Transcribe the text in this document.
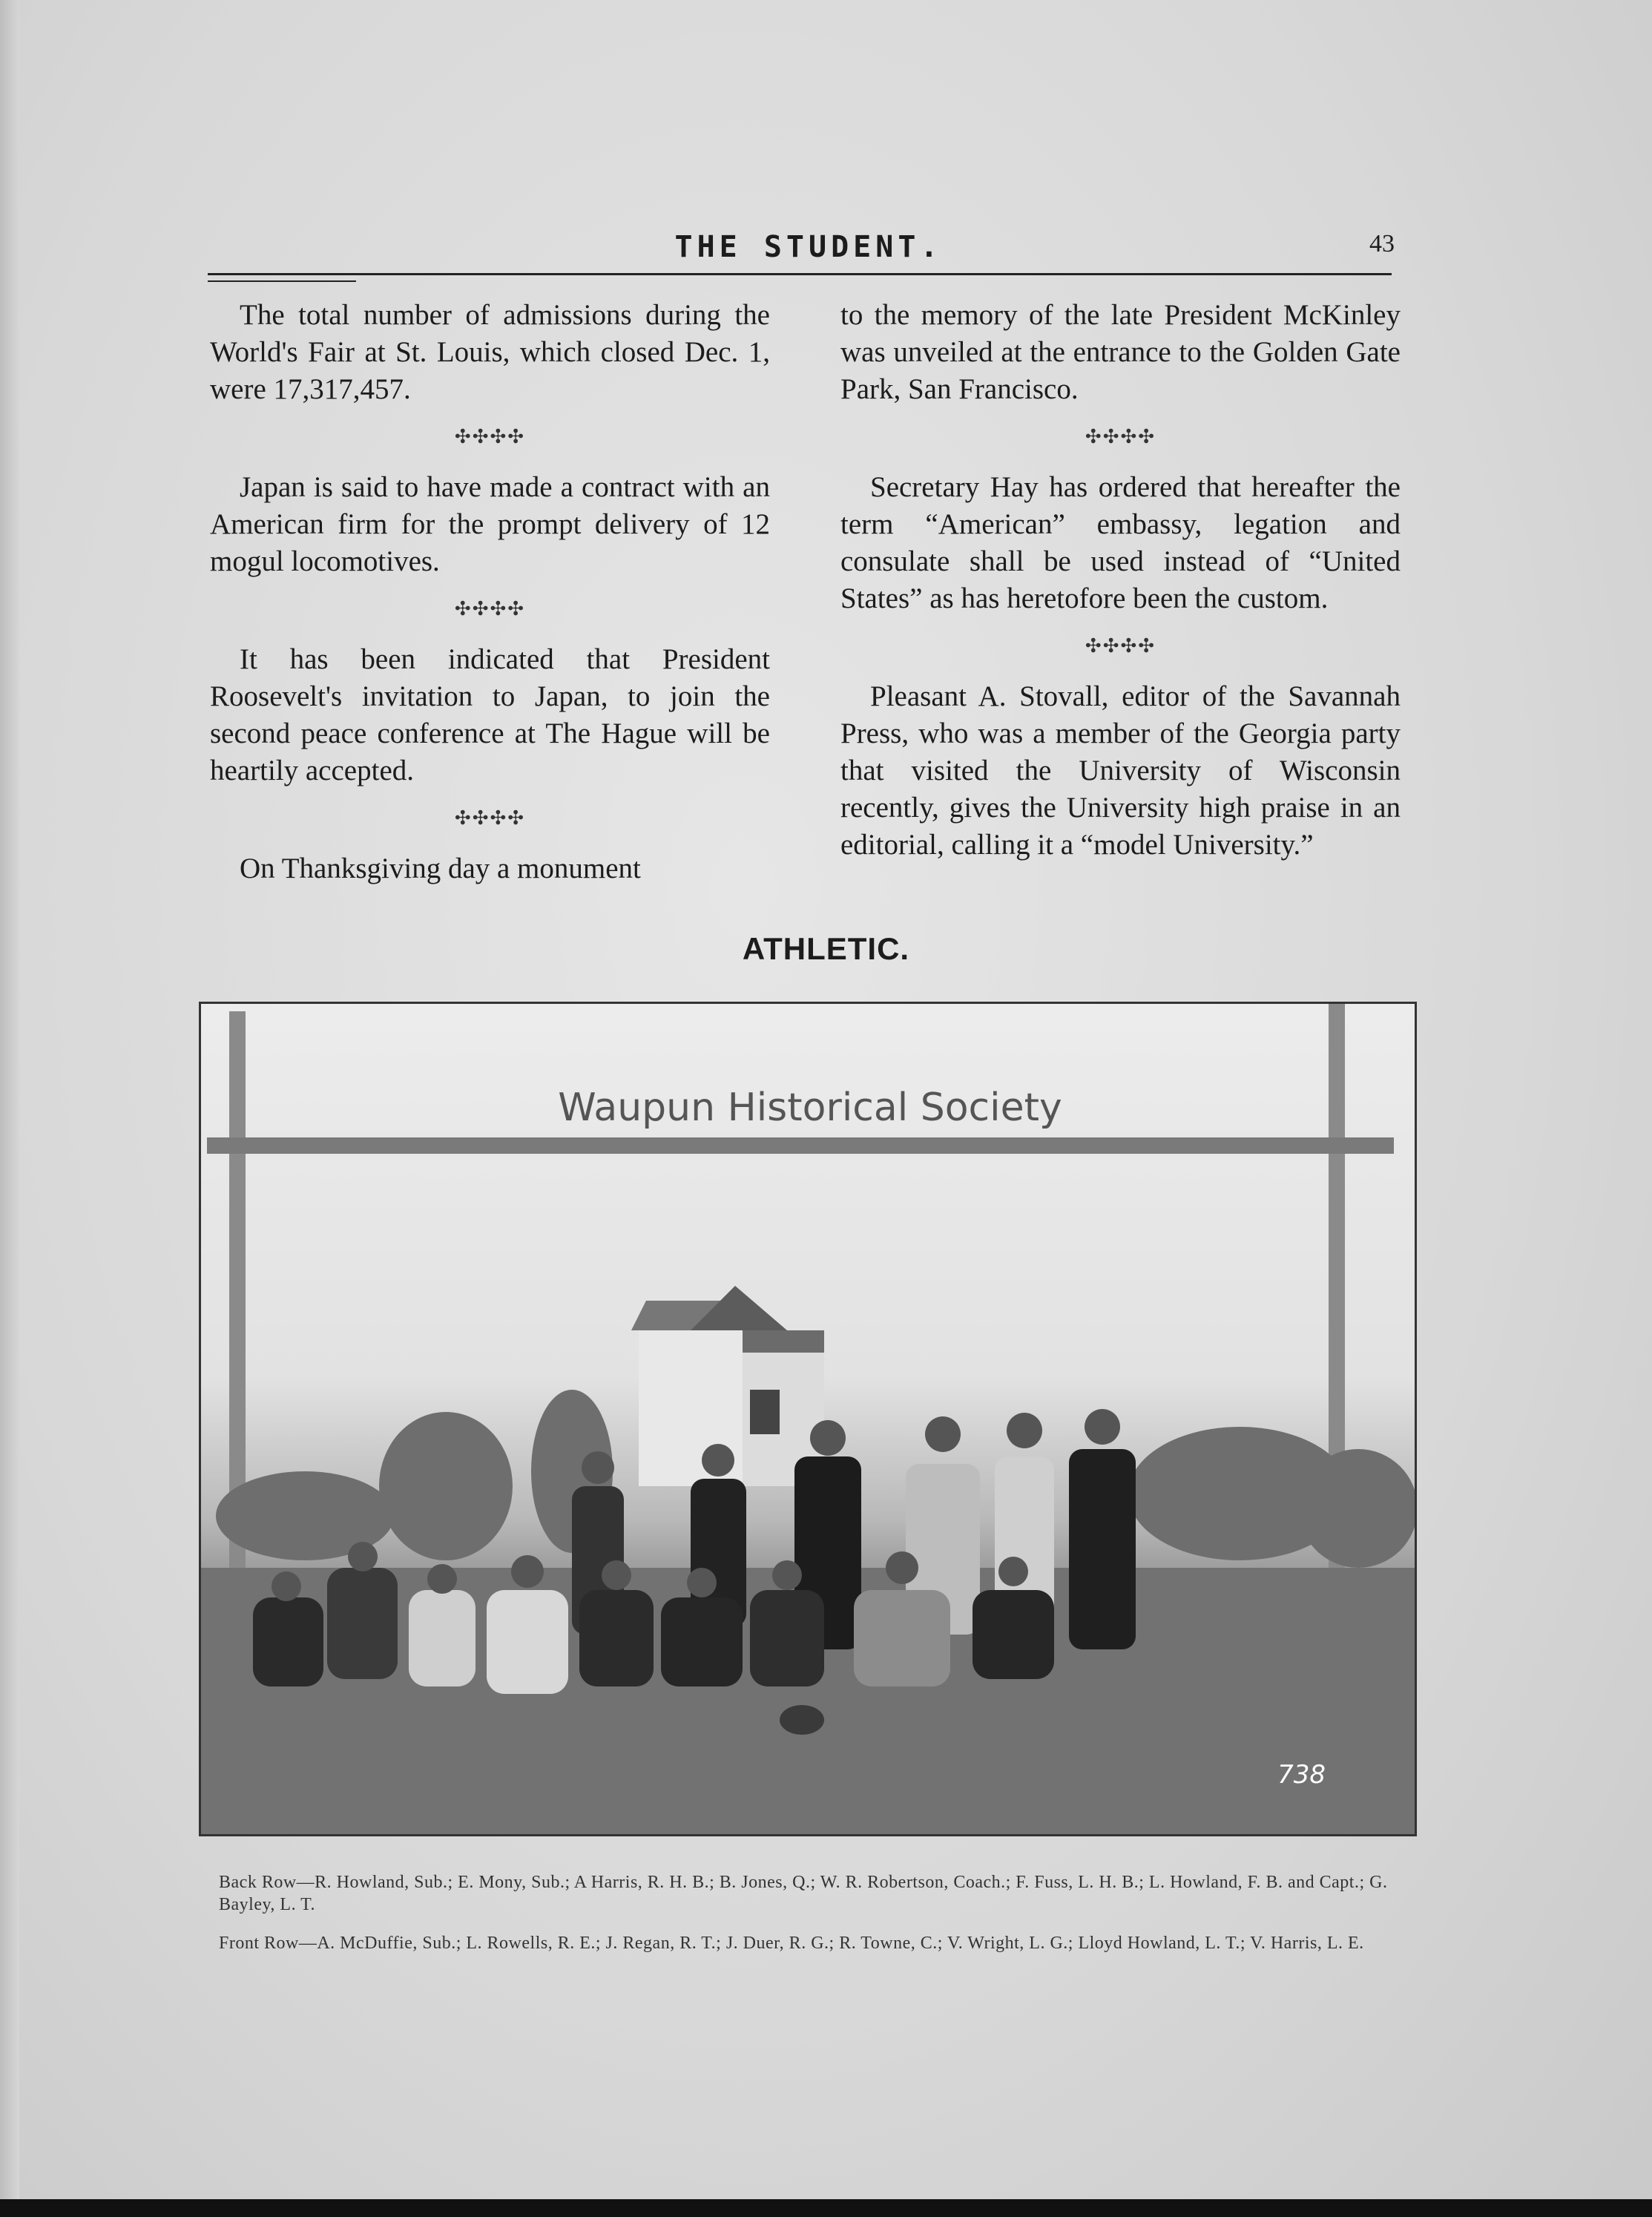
THE STUDENT.	43

The total number of admissions during the World's Fair at St. Louis, which closed Dec. 1, were 17,317,457.

✣✣✣✣

Japan is said to have made a contract with an American firm for the prompt delivery of 12 mogul locomotives.

✣✣✣✣

It has been indicated that President Roosevelt's invitation to Japan, to join the second peace conference at The Hague will be heartily accepted.

✣✣✣✣

On Thanksgiving day a monument

to the memory of the late President McKinley was unveiled at the entrance to the Golden Gate Park, San Francisco.

✣✣✣✣

Secretary Hay has ordered that hereafter the term “American” embassy, legation and consulate shall be used instead of “United States” as has heretofore been the custom.

✣✣✣✣

Pleasant A. Stovall, editor of the Savannah Press, who was a member of the Georgia party that visited the University of Wisconsin recently, gives the University high praise in an editorial, calling it a “model University.”

ATHLETIC.
Waupun Historical Society
738
Back Row—R. Howland, Sub.; E. Mony, Sub.; A Harris, R. H. B.; B. Jones, Q.; W. R. Robertson, Coach.; F. Fuss, L. H. B.; L. Howland, F. B. and Capt.; G. Bayley, L. T.
Front Row—A. McDuffie, Sub.; L. Rowells, R. E.; J. Regan, R. T.; J. Duer, R. G.; R. Towne, C.; V. Wright, L. G.; Lloyd Howland, L. T.; V. Harris, L. E.
